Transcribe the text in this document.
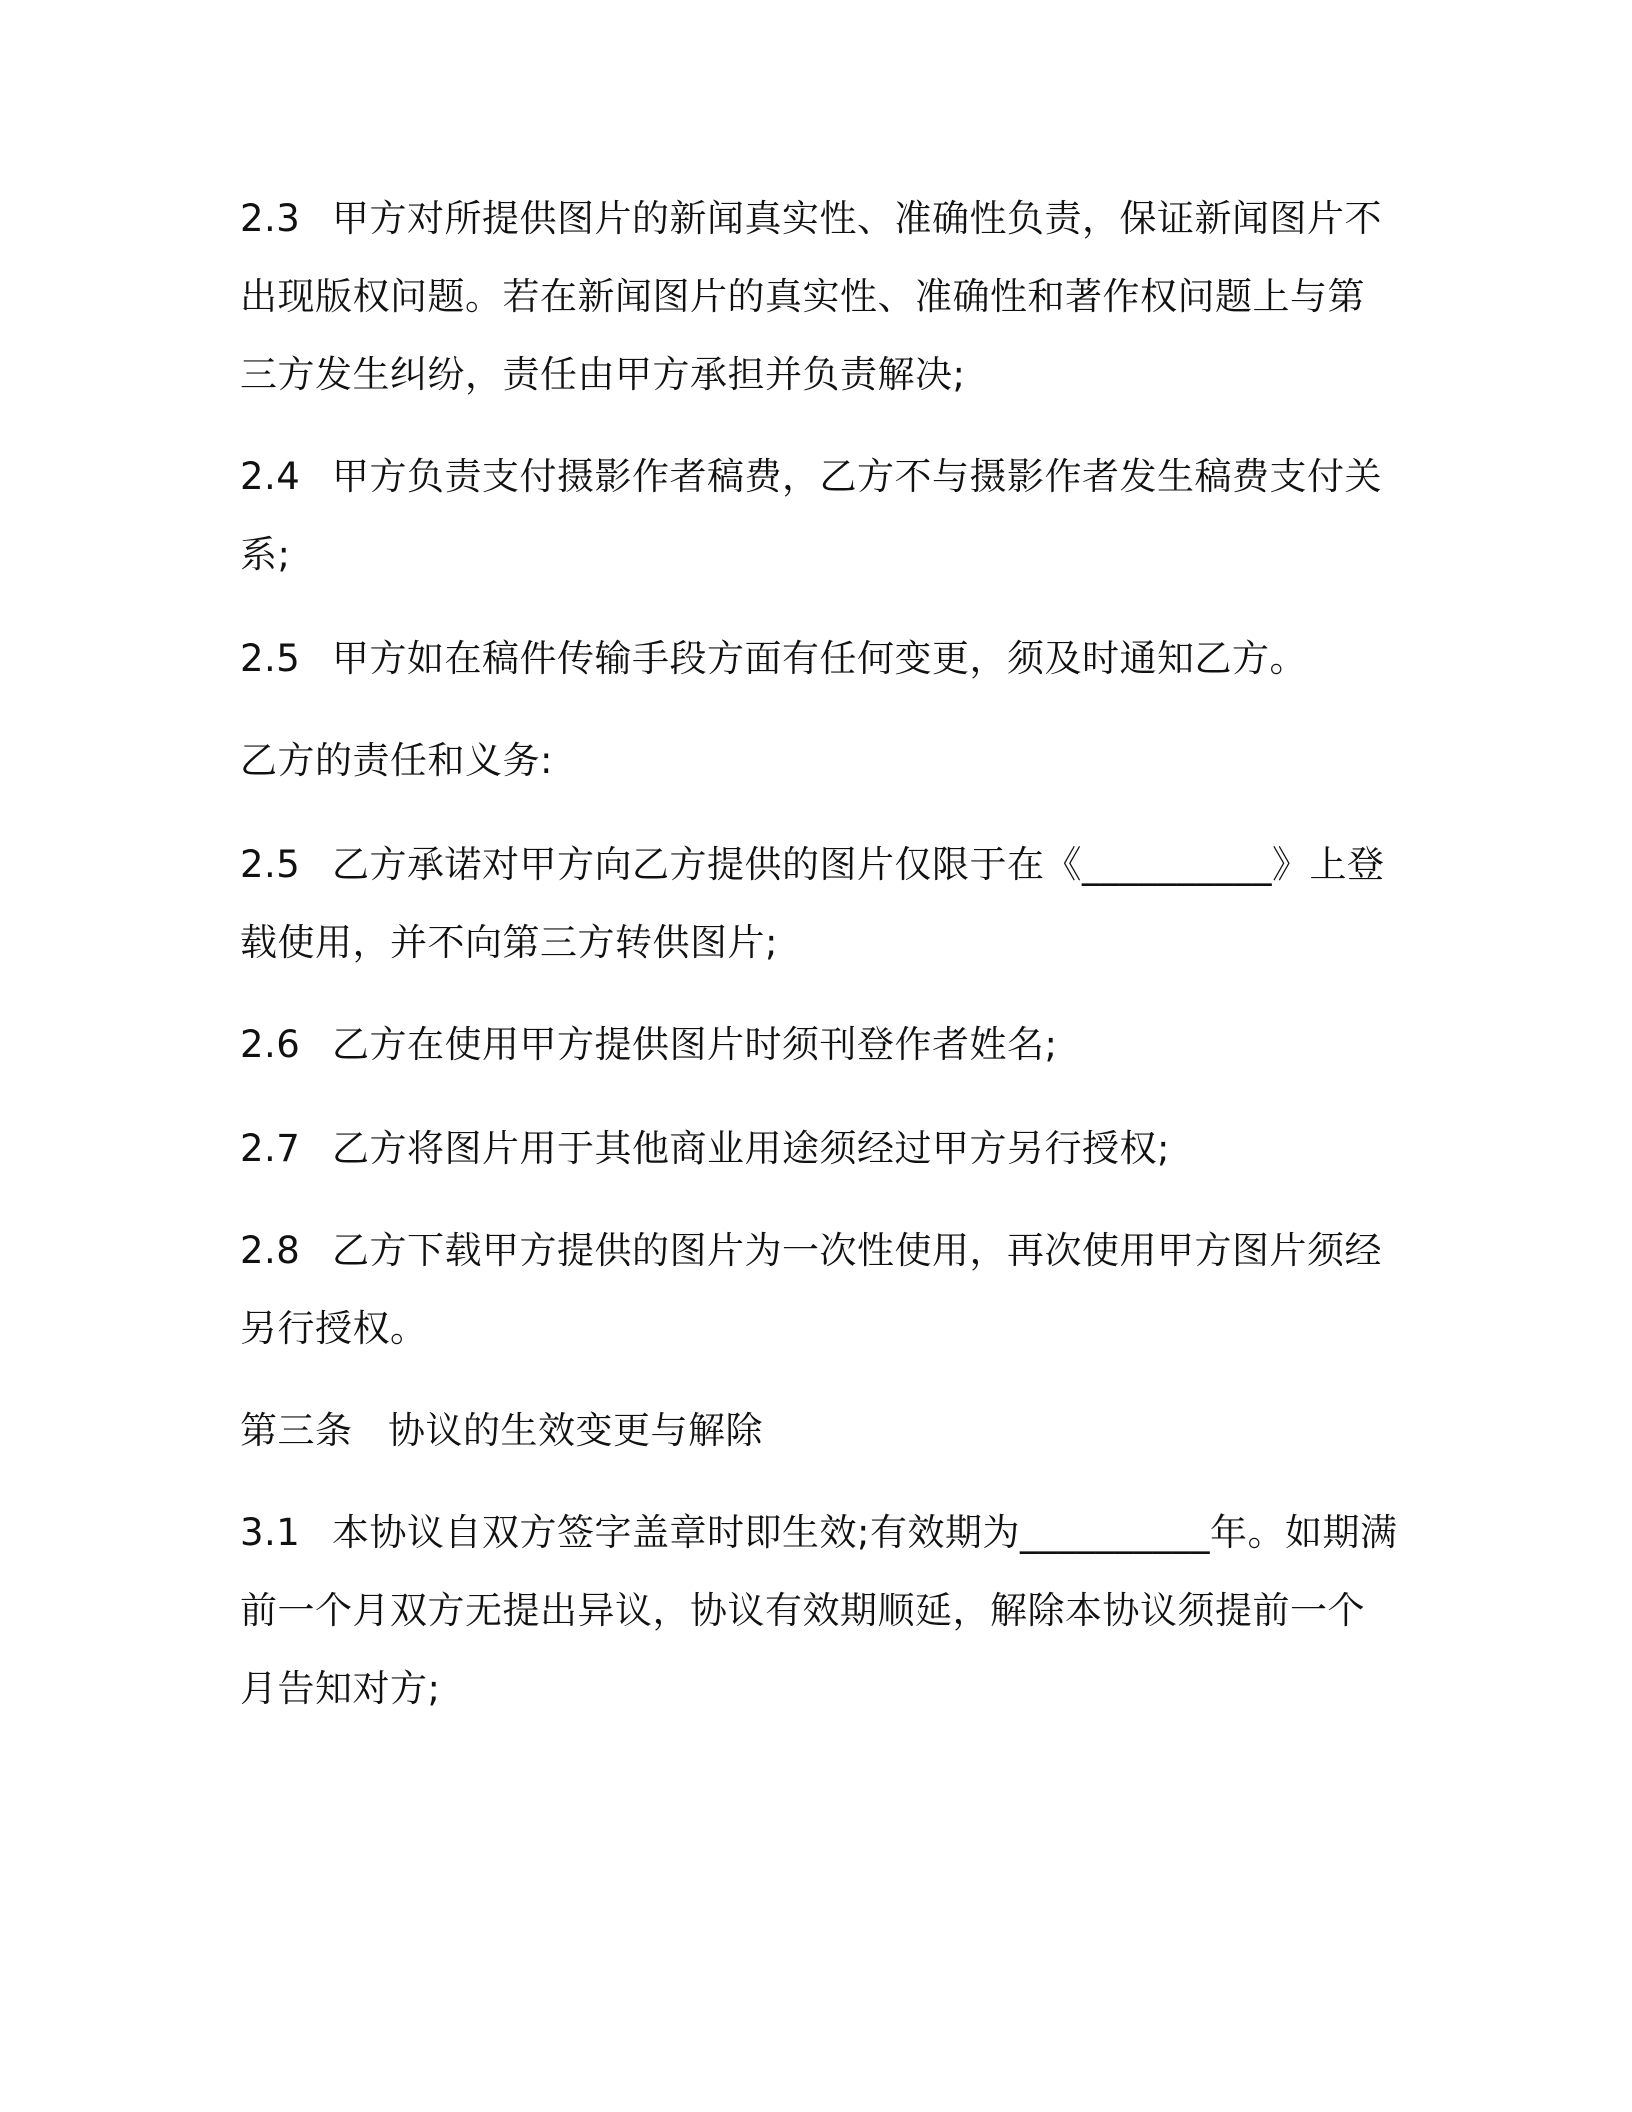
2.3 甲方对所提供图片的新闻真实性、准确性负责，保证新闻图片不
出现版权问题。若在新闻图片的真实性、准确性和著作权问题上与第
三方发生纠纷，责任由甲方承担并负责解决;
2.4 甲方负责支付摄影作者稿费，乙方不与摄影作者发生稿费支付关
系;
2.5 甲方如在稿件传输手段方面有任何变更，须及时通知乙方。
乙方的责任和义务:
2.5 乙方承诺对甲方向乙方提供的图片仅限于在《__________》上登
载使用，并不向第三方转供图片;
2.6 乙方在使用甲方提供图片时须刊登作者姓名;
2.7 乙方将图片用于其他商业用途须经过甲方另行授权;
2.8 乙方下载甲方提供的图片为一次性使用，再次使用甲方图片须经
另行授权。
第三条 协议的生效变更与解除
3.1 本协议自双方签字盖章时即生效;有效期为__________年。如期满
前一个月双方无提出异议，协议有效期顺延，解除本协议须提前一个
月告知对方;
